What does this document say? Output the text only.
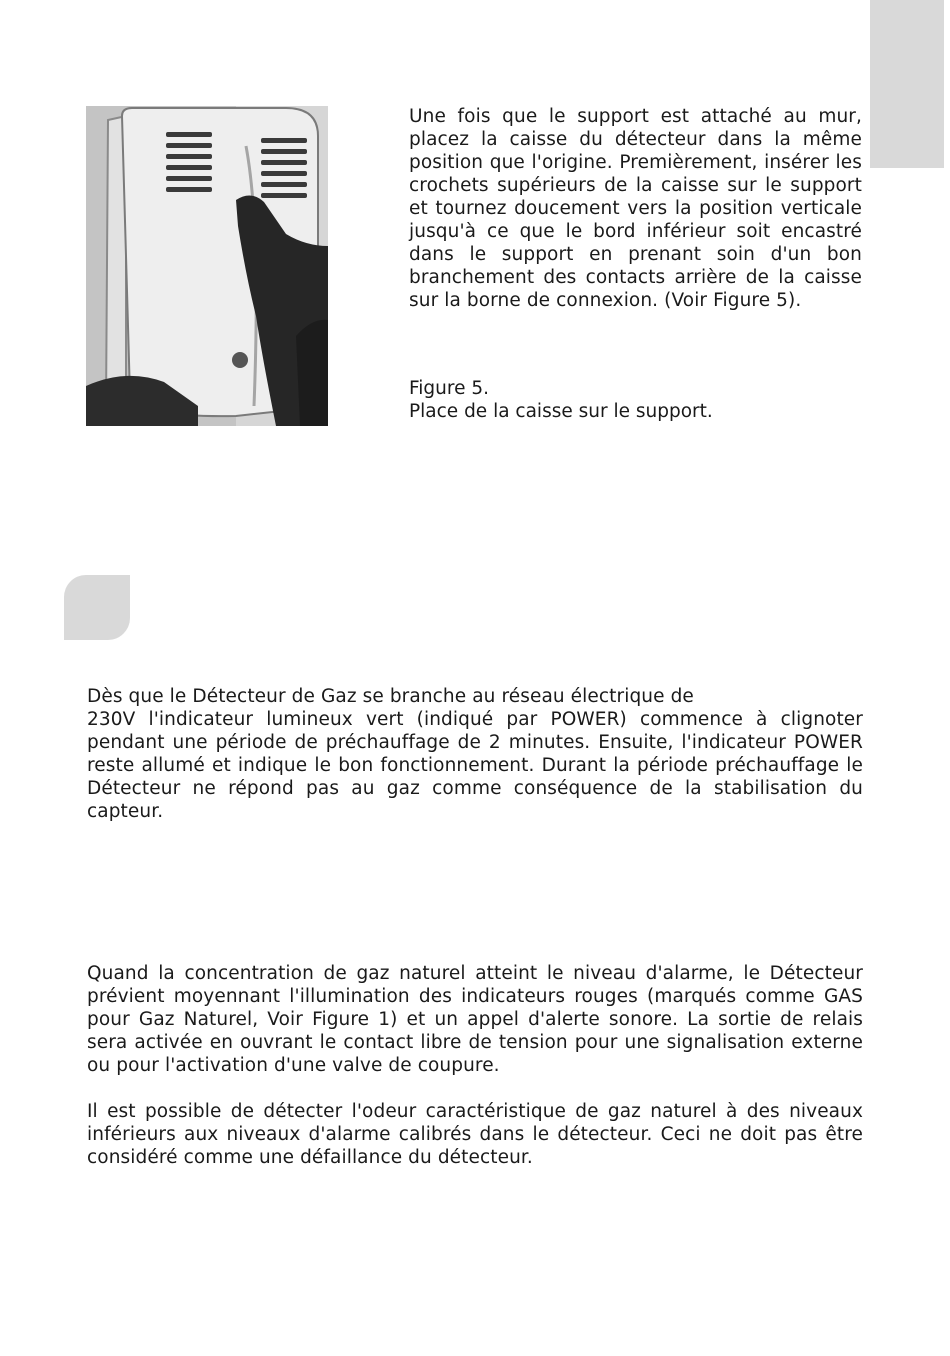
Une fois que le support est attaché au mur, placez la caisse du détecteur dans la même position que l'origine. Premièrement, insérer les crochets supérieurs de la caisse sur le support et tournez doucement vers la position verticale jusqu'à ce que le bord inférieur soit encastré dans le support en prenant soin d'un bon branchement des contacts arrière de la caisse sur la borne de connexion. (Voir Figure 5).
Figure 5.
Place de la caisse sur le support.

Dès que le Détecteur de Gaz se branche au réseau électrique de

230V l'indicateur lumineux vert (indiqué par POWER) commence à clignoter pendant une période de préchauffage de 2 minutes. Ensuite, l'indicateur POWER reste allumé et indique le bon fonctionnement. Durant la période préchauffage le Détecteur ne répond pas au gaz comme conséquence de la stabilisation du capteur.

Quand la concentration de gaz naturel atteint le niveau d'alarme, le Détecteur prévient moyennant l'illumination des indicateurs rouges (marqués comme GAS pour Gaz Naturel, Voir Figure 1) et un appel d'alerte sonore. La sortie de relais sera activée en ouvrant le contact libre de tension pour une signalisation externe ou pour l'activation d'une valve de coupure.
Il est possible de détecter l'odeur caractéristique de gaz naturel à des niveaux inférieurs aux niveaux d'alarme calibrés dans le détecteur. Ceci ne doit pas être considéré comme une défaillance du détecteur.
